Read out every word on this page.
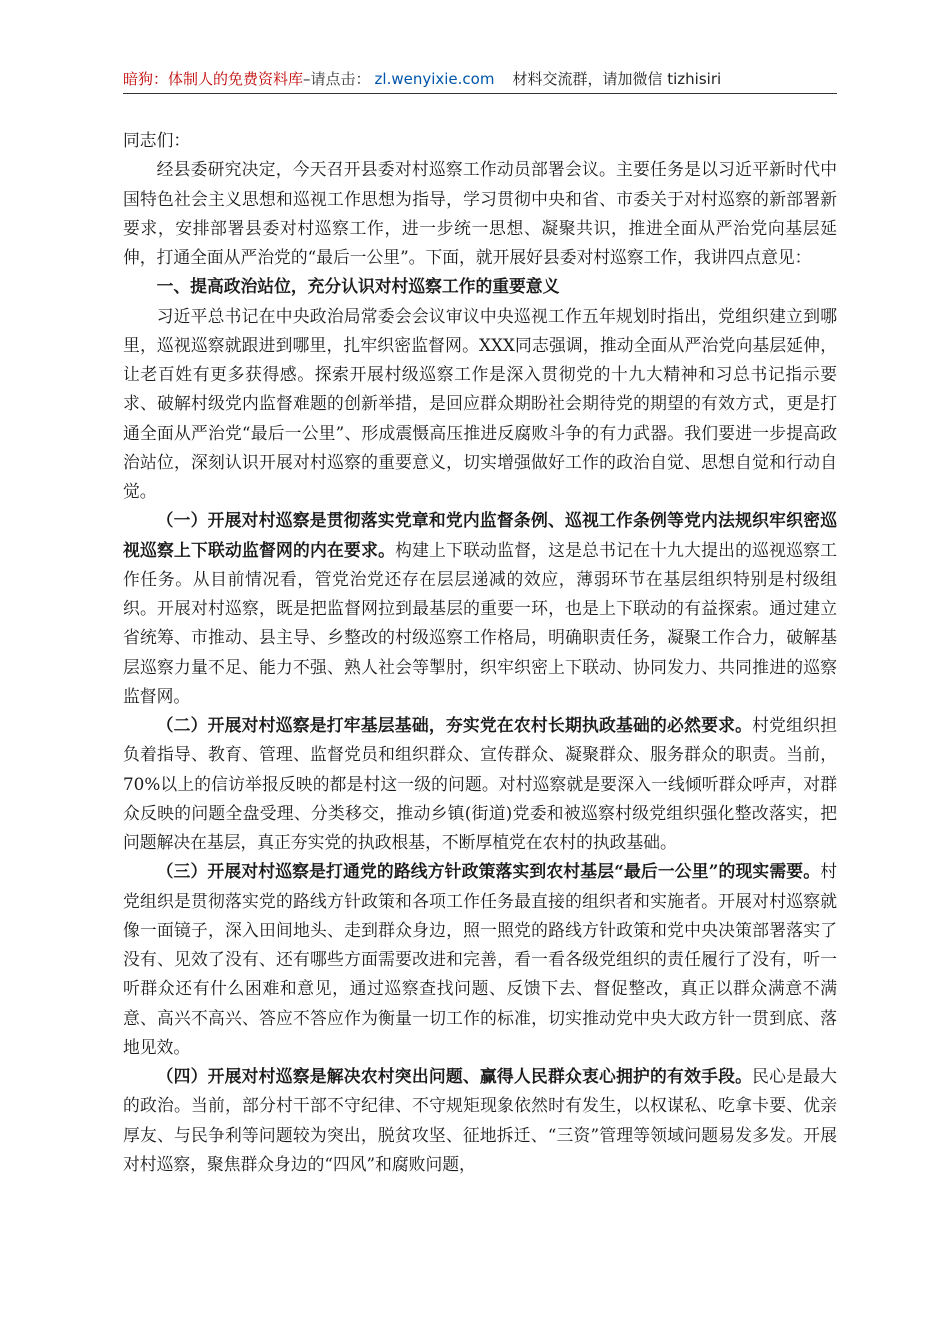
暗狗：体制人的免费资料库 –请点击： zl.wenyixie.com 材料交流群，请加微信 tizhisiri

同志们：

经县委研究决定，今天召开县委对村巡察工作动员部署会议。主要任务是以习近平新时代中国特色社会主义思想和巡视工作思想为指导，学习贯彻中央和省、市委关于对村巡察的新部署新要求，安排部署县委对村巡察工作，进一步统一思想、凝聚共识，推进全面从严治党向基层延伸，打通全面从严治党的“最后一公里”。下面，就开展好县委对村巡察工作，我讲四点意见：

一、提高政治站位，充分认识对村巡察工作的重要意义

习近平总书记在中央政治局常委会会议审议中央巡视工作五年规划时指出，党组织建立到哪里，巡视巡察就跟进到哪里，扎牢织密监督网。XXX同志强调，推动全面从严治党向基层延伸，让老百姓有更多获得感。探索开展村级巡察工作是深入贯彻党的十九大精神和习总书记指示要求、破解村级党内监督难题的创新举措，是回应群众期盼社会期待党的期望的有效方式，更是打通全面从严治党“最后一公里”、形成震慑高压推进反腐败斗争的有力武器。我们要进一步提高政治站位，深刻认识开展对村巡察的重要意义，切实增强做好工作的政治自觉、思想自觉和行动自觉。

（一）开展对村巡察是贯彻落实党章和党内监督条例、巡视工作条例等党内法规织牢织密巡视巡察上下联动监督网的内在要求。构建上下联动监督，这是总书记在十九大提出的巡视巡察工作任务。从目前情况看，管党治党还存在层层递减的效应，薄弱环节在基层组织特别是村级组织。开展对村巡察，既是把监督网拉到最基层的重要一环，也是上下联动的有益探索。通过建立省统筹、市推动、县主导、乡整改的村级巡察工作格局，明确职责任务，凝聚工作合力，破解基层巡察力量不足、能力不强、熟人社会等掣肘，织牢织密上下联动、协同发力、共同推进的巡察监督网。

（二）开展对村巡察是打牢基层基础，夯实党在农村长期执政基础的必然要求。村党组织担负着指导、教育、管理、监督党员和组织群众、宣传群众、凝聚群众、服务群众的职责。当前，70%以上的信访举报反映的都是村这一级的问题。对村巡察就是要深入一线倾听群众呼声，对群众反映的问题全盘受理、分类移交，推动乡镇(街道)党委和被巡察村级党组织强化整改落实，把问题解决在基层，真正夯实党的执政根基，不断厚植党在农村的执政基础。

（三）开展对村巡察是打通党的路线方针政策落实到农村基层“最后一公里”的现实需要。村党组织是贯彻落实党的路线方针政策和各项工作任务最直接的组织者和实施者。开展对村巡察就像一面镜子，深入田间地头、走到群众身边，照一照党的路线方针政策和党中央决策部署落实了没有、见效了没有、还有哪些方面需要改进和完善，看一看各级党组织的责任履行了没有，听一听群众还有什么困难和意见，通过巡察查找问题、反馈下去、督促整改，真正以群众满意不满意、高兴不高兴、答应不答应作为衡量一切工作的标准，切实推动党中央大政方针一贯到底、落地见效。

（四）开展对村巡察是解决农村突出问题、赢得人民群众衷心拥护的有效手段。民心是最大的政治。当前，部分村干部不守纪律、不守规矩现象依然时有发生，以权谋私、吃拿卡要、优亲厚友、与民争利等问题较为突出，脱贫攻坚、征地拆迁、“三资”管理等领域问题易发多发。开展对村巡察，聚焦群众身边的“四风”和腐败问题，
